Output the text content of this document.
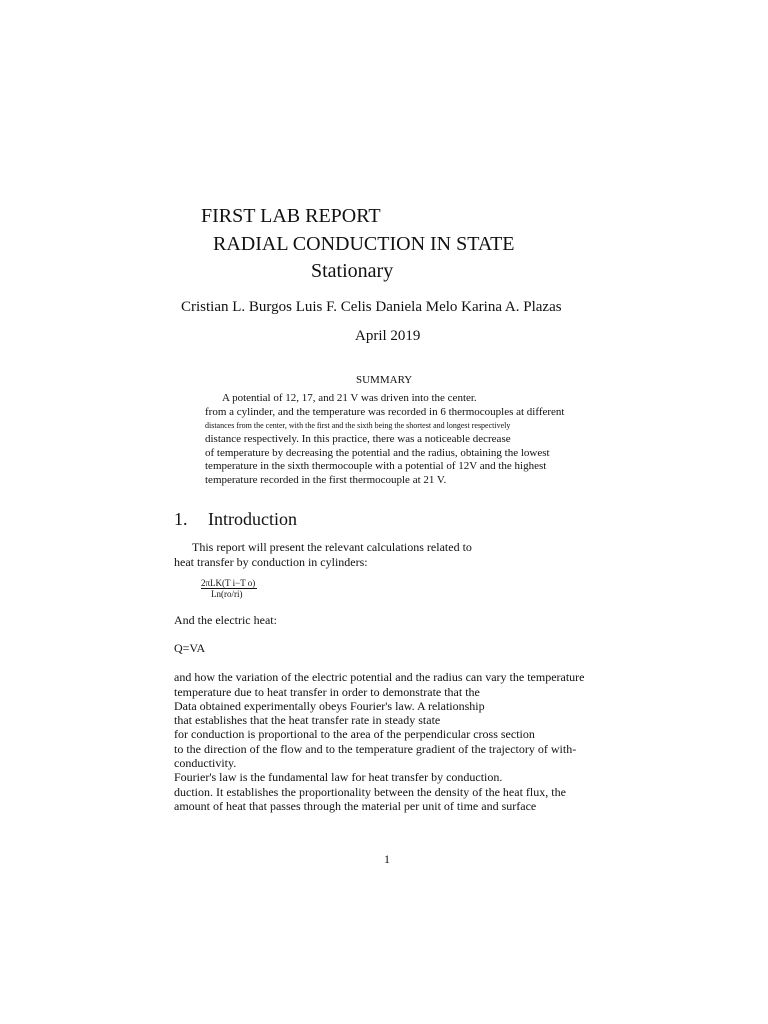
FIRST LAB REPORT
RADIAL CONDUCTION IN STATE
Stationary
Cristian L. Burgos Luis F. Celis Daniela Melo Karina A. Plazas
April 2019
SUMMARY
A potential of 12, 17, and 21 V was driven into the center.
from a cylinder, and the temperature was recorded in 6 thermocouples at different
distances from the center, with the first and the sixth being the shortest and longest respectively
distance respectively. In this practice, there was a noticeable decrease
of temperature by decreasing the potential and the radius, obtaining the lowest
temperature in the sixth thermocouple with a potential of 12V and the highest
temperature recorded in the first thermocouple at 21 V.
1. Introduction
This report will present the relevant calculations related to
heat transfer by conduction in cylinders:
2πLK(T i−T o)
Ln(ro/ri)
And the electric heat:
Q=VA
and how the variation of the electric potential and the radius can vary the temperature
temperature due to heat transfer in order to demonstrate that the
Data obtained experimentally obeys Fourier's law. A relationship
that establishes that the heat transfer rate in steady state
for conduction is proportional to the area of the perpendicular cross section
to the direction of the flow and to the temperature gradient of the trajectory of with-
conductivity.
Fourier's law is the fundamental law for heat transfer by conduction.
duction. It establishes the proportionality between the density of the heat flux, the
amount of heat that passes through the material per unit of time and surface
1
